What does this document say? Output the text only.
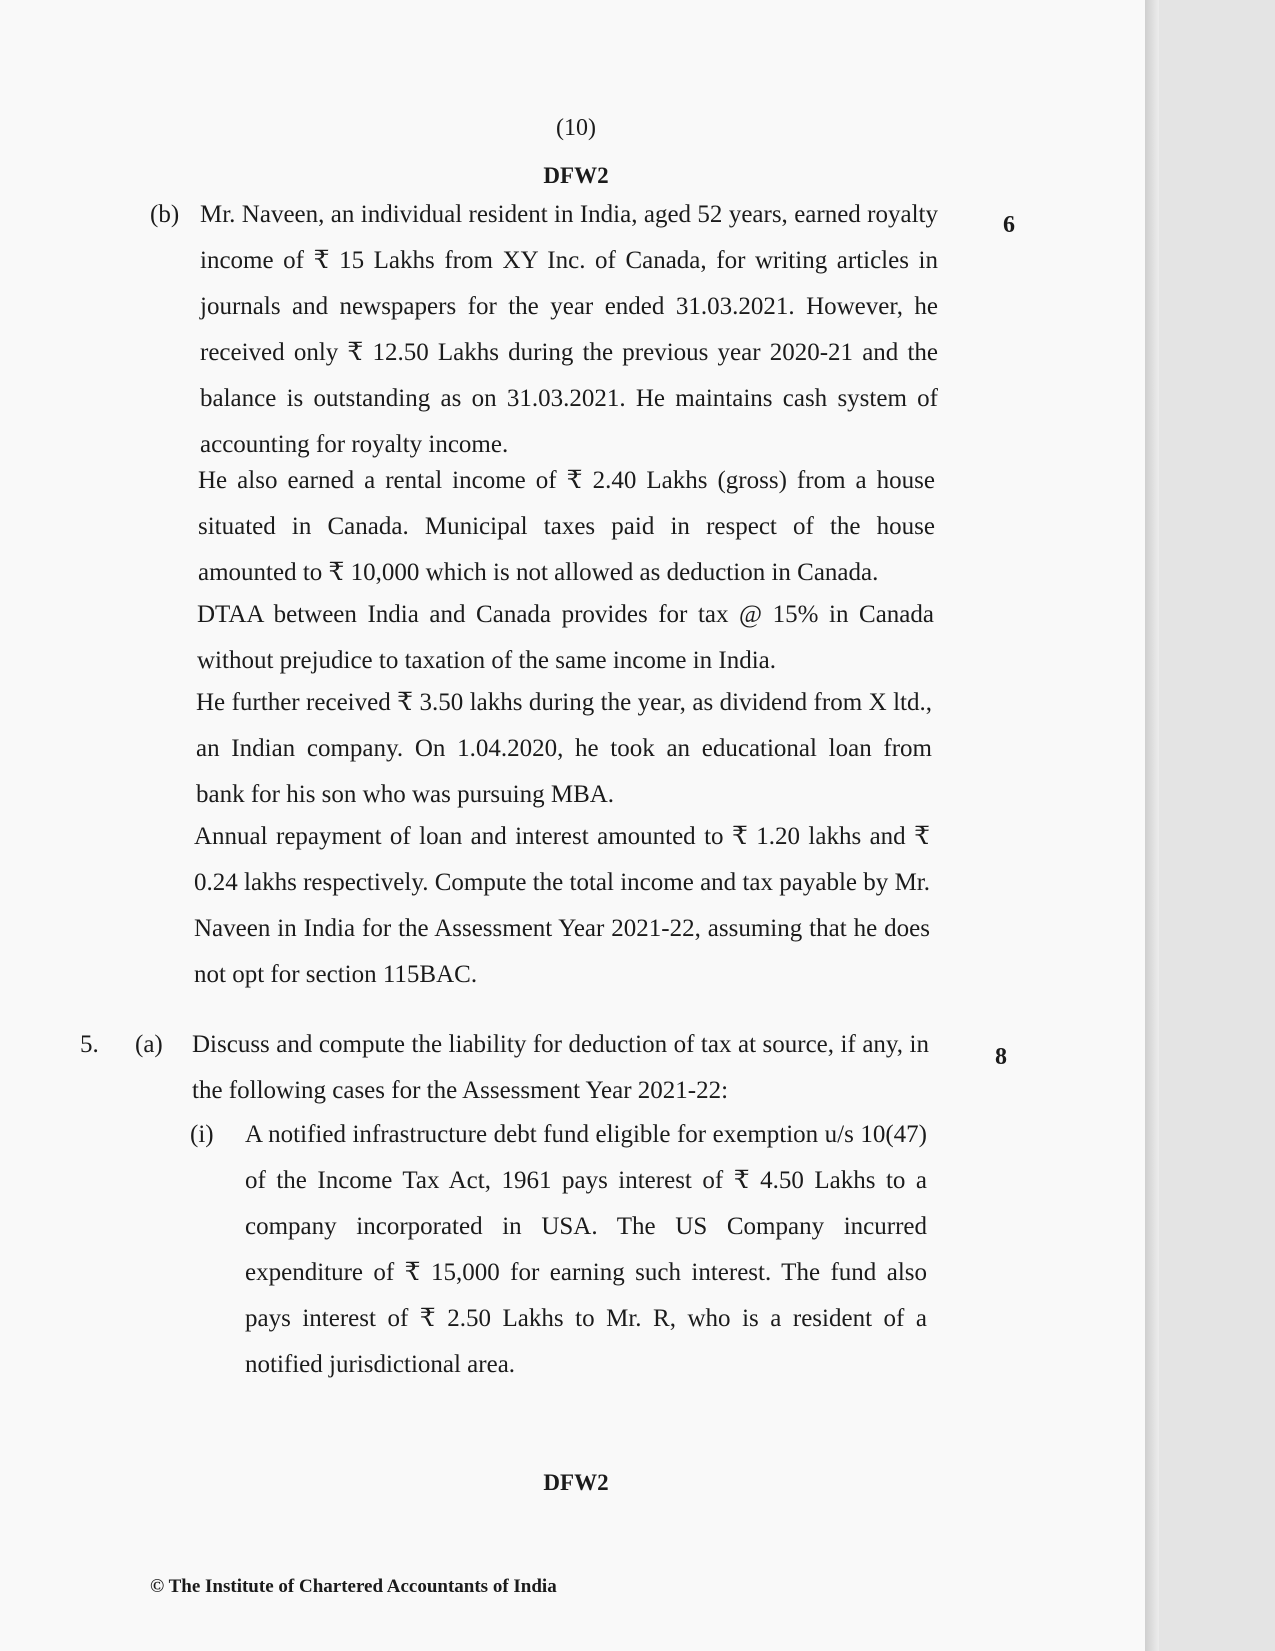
(10)
DFW2
(b)	6

Mr. Naveen, an individual resident in India, aged 52 years, earned royalty income of ₹ 15 Lakhs from XY Inc. of Canada, for writing articles in journals and newspapers for the year ended 31.03.2021. However, he received only ₹ 12.50 Lakhs during the previous year 2020-21 and the balance is outstanding as on 31.03.2021. He maintains cash system of accounting for royalty income.

He also earned a rental income of ₹ 2.40 Lakhs (gross) from a house situated in Canada. Municipal taxes paid in respect of the house amounted to ₹ 10,000 which is not allowed as deduction in Canada.

DTAA between India and Canada provides for tax @ 15% in Canada without prejudice to taxation of the same income in India.

He further received ₹ 3.50 lakhs during the year, as dividend from X ltd., an Indian company. On 1.04.2020, he took an educational loan from bank for his son who was pursuing MBA.

Annual repayment of loan and interest amounted to ₹ 1.20 lakhs and ₹ 0.24 lakhs respectively. Compute the total income and tax payable by Mr. Naveen in India for the Assessment Year 2021-22, assuming that he does not opt for section 115BAC.

5. (a)	8

Discuss and compute the liability for deduction of tax at source, if any, in the following cases for the Assessment Year 2021-22:

(i) A notified infrastructure debt fund eligible for exemption u/s 10(47) of the Income Tax Act, 1961 pays interest of ₹ 4.50 Lakhs to a company incorporated in USA. The US Company incurred expenditure of ₹ 15,000 for earning such interest. The fund also pays interest of ₹ 2.50 Lakhs to Mr. R, who is a resident of a notified jurisdictional area.

DFW2
© The Institute of Chartered Accountants of India
